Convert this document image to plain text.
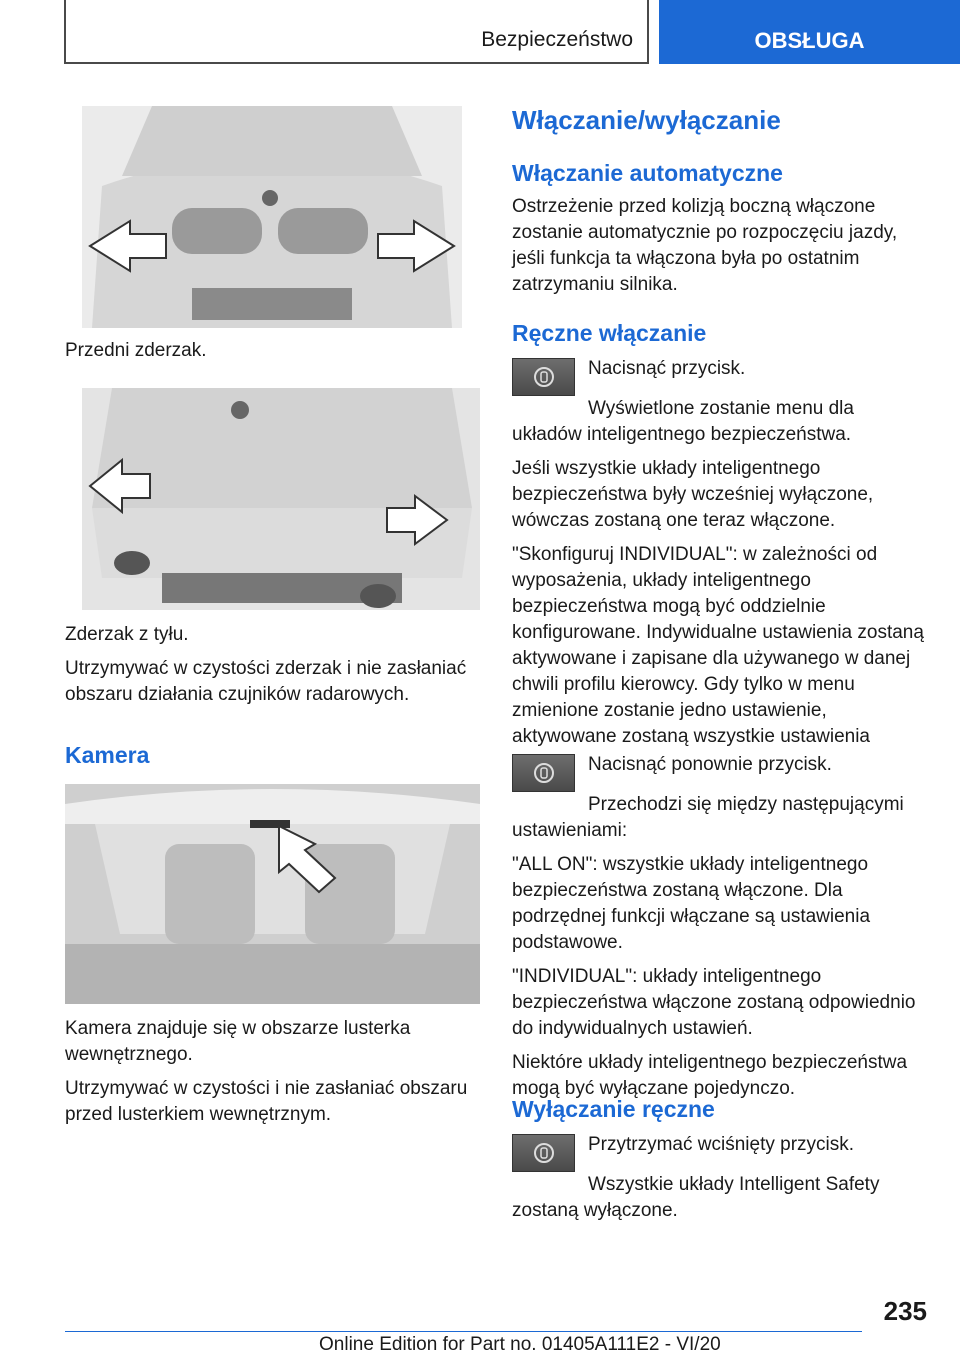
Bezpieczeństwo	OBSŁUGA

Przedni zderzak.

Zderzak z tyłu.

Utrzymywać w czystości zderzak i nie zasłaniać obszaru działania czujników radarowych.

Kamera

Kamera znajduje się w obszarze lusterka wewnętrznego.

Utrzymywać w czystości i nie zasłaniać obszaru przed lusterkiem wewnętrznym.

Włączanie/wyłączanie
Włączanie automatyczne

Ostrzeżenie przed kolizją boczną włączone zostanie automatycznie po rozpoczęciu jazdy, jeśli funkcja ta włączona była po ostatnim zatrzymaniu silnika.

Ręczne włączanie

Nacisnąć przycisk.

Wyświetlone zostanie menu dla układów inteligentnego bezpieczeństwa.

Jeśli wszystkie układy inteligentnego bezpieczeństwa były wcześniej wyłączone, wówczas zostaną one teraz włączone.

"Skonfiguruj INDIVIDUAL": w zależności od wyposażenia, układy inteligentnego bezpieczeństwa mogą być oddzielnie konfigurowane. Indywidualne ustawienia zostaną aktywowane i zapisane dla używanego w danej chwili profilu kierowcy. Gdy tylko w menu zmienione zostanie jedno ustawienie, aktywowane zostaną wszystkie ustawienia

Nacisnąć ponownie przycisk.

Przechodzi się między następującymi ustawieniami:

"ALL ON": wszystkie układy inteligentnego bezpieczeństwa zostaną włączone. Dla podrzędnej funkcji włączane są ustawienia podstawowe.

"INDIVIDUAL": układy inteligentnego bezpieczeństwa włączone zostaną odpowiednio do indywidualnych ustawień.

Niektóre układy inteligentnego bezpieczeństwa mogą być wyłączane pojedynczo.

Wyłączanie ręczne

Przytrzymać wciśnięty przycisk.

Wszystkie układy Intelligent Safety zostaną wyłączone.

235
Online Edition for Part no. 01405A111E2 - VI/20
